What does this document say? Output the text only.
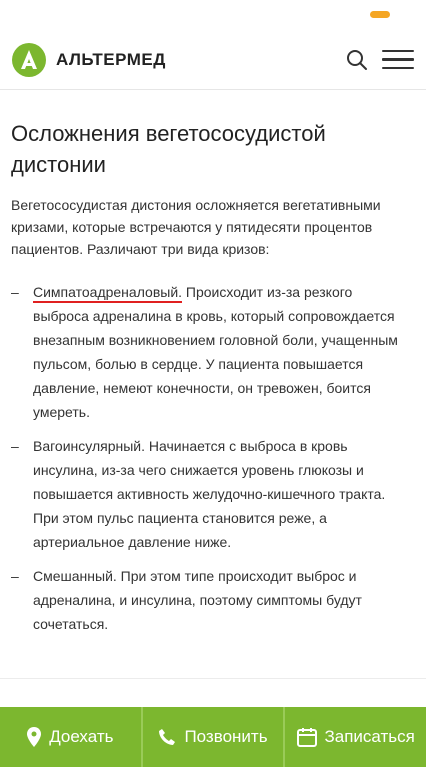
АЛЬТЕРМЕД
Осложнения вегетососудистой дистонии

Вегетососудистая дистония осложняется вегетативными кризами, которые встречаются у пятидесяти процентов пациентов. Различают три вида кризов:

– Симпатоадреналовый. Происходит из-за резкого выброса адреналина в кровь, который сопровождается внезапным возникновением головной боли, учащенным пульсом, болью в сердце. У пациента повышается давление, немеют конечности, он тревожен, боится умереть.
– Вагоинсулярный. Начинается с выброса в кровь инсулина, из-за чего снижается уровень глюкозы и повышается активность желудочно-кишечного тракта. При этом пульс пациента становится реже, а артериальное давление ниже.
– Смешанный. При этом типе происходит выброс и адреналина, и инсулина, поэтому симптомы будут сочетаться.
Доехать	Позвонить	Записаться
